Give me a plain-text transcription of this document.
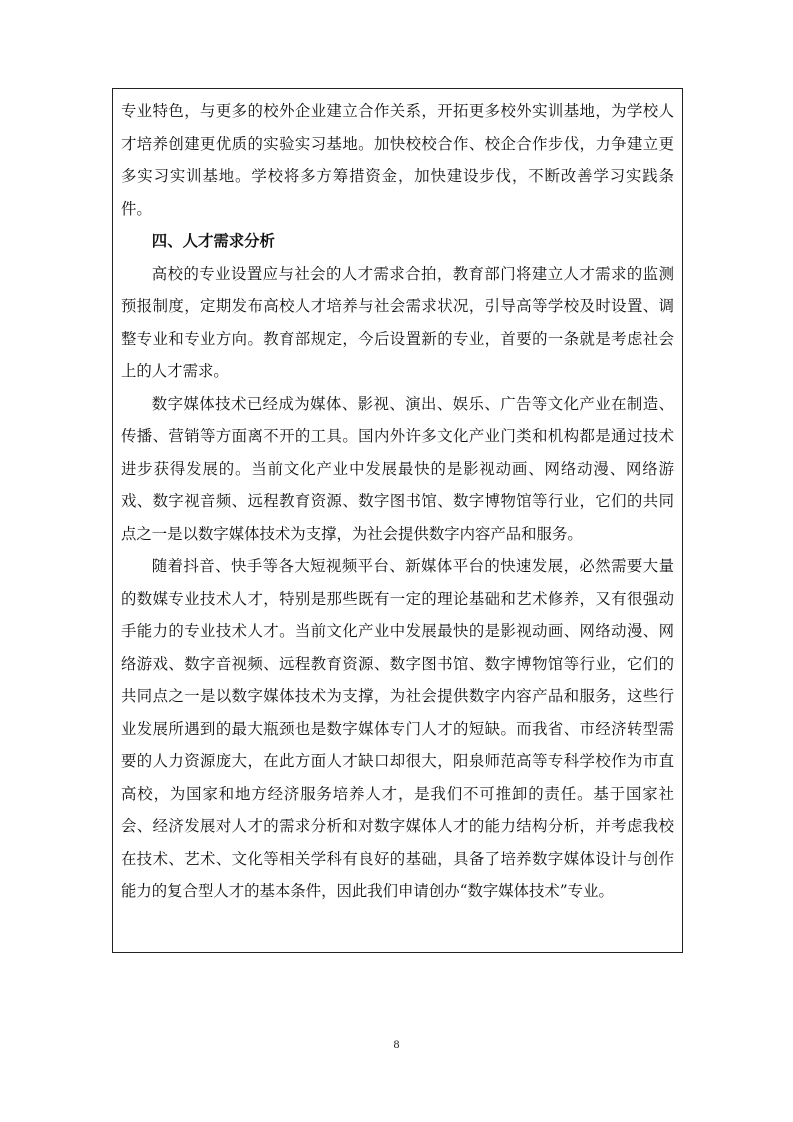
专业特色，与更多的校外企业建立合作关系，开拓更多校外实训基地，为学校人才培养创建更优质的实验实习基地。加快校校合作、校企合作步伐，力争建立更多实习实训基地。学校将多方筹措资金，加快建设步伐，不断改善学习实践条件。

四、人才需求分析

高校的专业设置应与社会的人才需求合拍，教育部门将建立人才需求的监测预报制度，定期发布高校人才培养与社会需求状况，引导高等学校及时设置、调整专业和专业方向。教育部规定，今后设置新的专业，首要的一条就是考虑社会上的人才需求。

数字媒体技术已经成为媒体、影视、演出、娱乐、广告等文化产业在制造、传播、营销等方面离不开的工具。国内外许多文化产业门类和机构都是通过技术进步获得发展的。当前文化产业中发展最快的是影视动画、网络动漫、网络游戏、数字视音频、远程教育资源、数字图书馆、数字博物馆等行业，它们的共同点之一是以数字媒体技术为支撑，为社会提供数字内容产品和服务。

随着抖音、快手等各大短视频平台、新媒体平台的快速发展，必然需要大量的数媒专业技术人才，特别是那些既有一定的理论基础和艺术修养，又有很强动手能力的专业技术人才。当前文化产业中发展最快的是影视动画、网络动漫、网络游戏、数字音视频、远程教育资源、数字图书馆、数字博物馆等行业，它们的共同点之一是以数字媒体技术为支撑，为社会提供数字内容产品和服务，这些行业发展所遇到的最大瓶颈也是数字媒体专门人才的短缺。而我省、市经济转型需要的人力资源庞大，在此方面人才缺口却很大，阳泉师范高等专科学校作为市直高校，为国家和地方经济服务培养人才，是我们不可推卸的责任。基于国家社会、经济发展对人才的需求分析和对数字媒体人才的能力结构分析，并考虑我校在技术、艺术、文化等相关学科有良好的基础，具备了培养数字媒体设计与创作能力的复合型人才的基本条件，因此我们申请创办“数字媒体技术”专业。

8
